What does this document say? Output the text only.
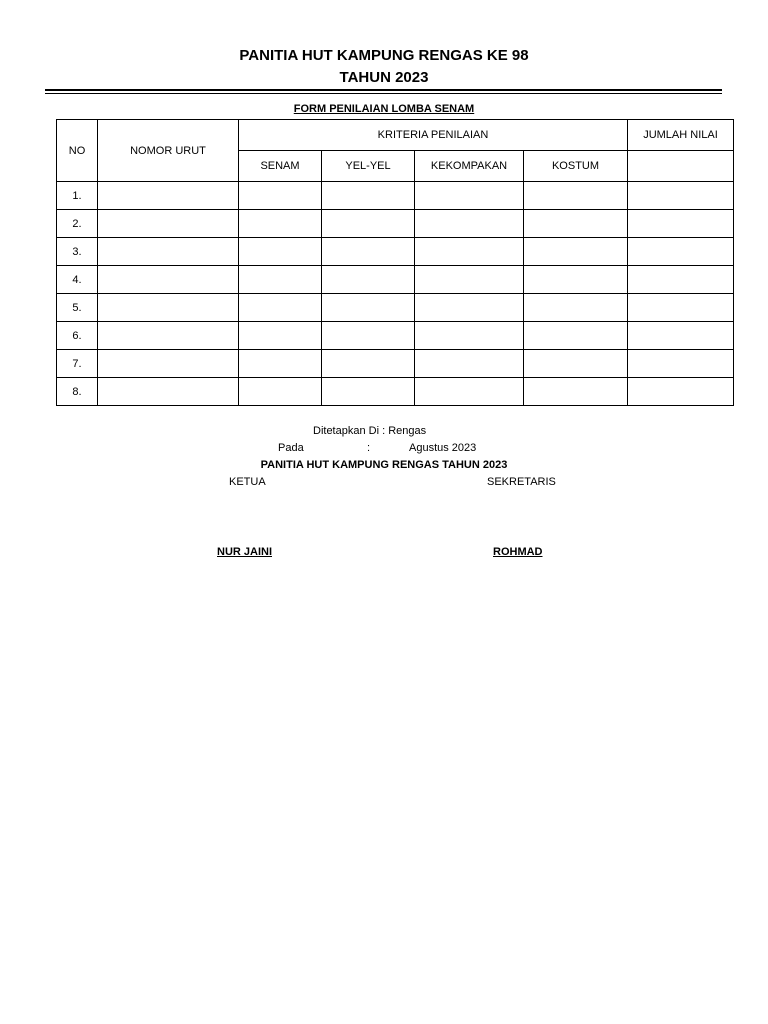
PANITIA HUT KAMPUNG RENGAS KE 98
TAHUN 2023
FORM PENILAIAN LOMBA SENAM
NO	NOMOR URUT	KRITERIA PENILAIAN				JUMLAH NILAI
		SENAM	YEL-YEL	KEKOMPAKAN	KOSTUM	
1.						
2.						
3.						
4.						
5.						
6.						
7.						
8.						
Ditetapkan Di : Rengas
Pada	:	Agustus 2023
PANITIA HUT KAMPUNG RENGAS TAHUN 2023
KETUA	SEKRETARIS
NUR JAINI	ROHMAD
